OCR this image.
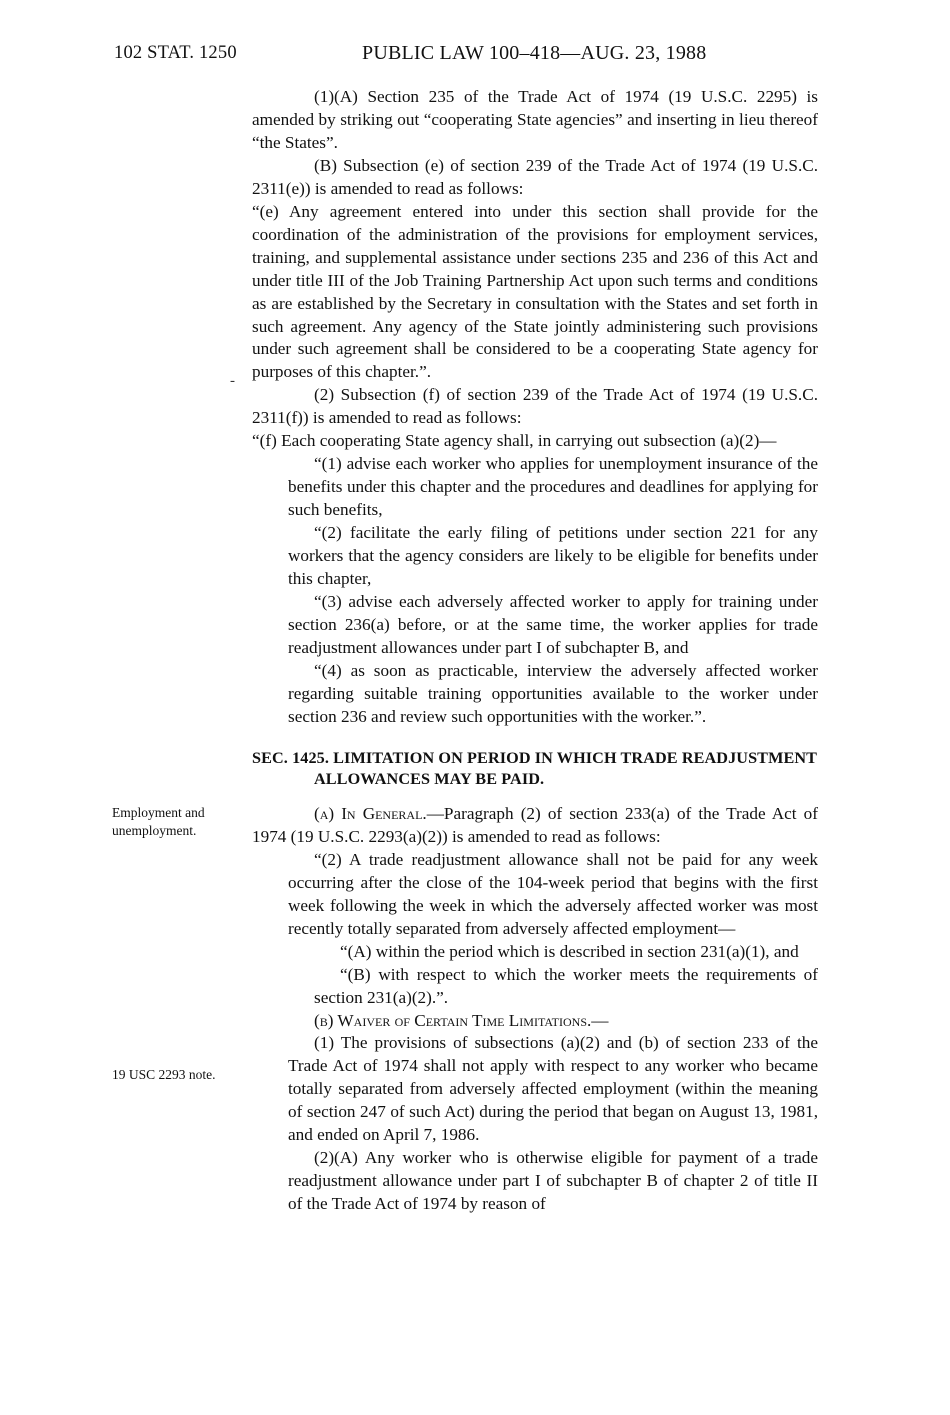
102 STAT. 1250	PUBLIC LAW 100–418—AUG. 23, 1988
-
Employment and unemployment.
19 USC 2293 note.

(1)(A) Section 235 of the Trade Act of 1974 (19 U.S.C. 2295) is amended by striking out “cooperating State agencies” and inserting in lieu thereof “the States”.

(B) Subsection (e) of section 239 of the Trade Act of 1974 (19 U.S.C. 2311(e)) is amended to read as follows:

“(e) Any agreement entered into under this section shall provide for the coordination of the administration of the provisions for employment services, training, and supplemental assistance under sections 235 and 236 of this Act and under title III of the Job Training Partnership Act upon such terms and conditions as are established by the Secretary in consultation with the States and set forth in such agreement. Any agency of the State jointly administering such provisions under such agreement shall be considered to be a cooperating State agency for purposes of this chapter.”.

(2) Subsection (f) of section 239 of the Trade Act of 1974 (19 U.S.C. 2311(f)) is amended to read as follows:

“(f) Each cooperating State agency shall, in carrying out subsection (a)(2)—

“(1) advise each worker who applies for unemployment insurance of the benefits under this chapter and the procedures and deadlines for applying for such benefits,

“(2) facilitate the early filing of petitions under section 221 for any workers that the agency considers are likely to be eligible for benefits under this chapter,

“(3) advise each adversely affected worker to apply for training under section 236(a) before, or at the same time, the worker applies for trade readjustment allowances under part I of subchapter B, and

“(4) as soon as practicable, interview the adversely affected worker regarding suitable training opportunities available to the worker under section 236 and review such opportunities with the worker.”.

SEC. 1425. LIMITATION ON PERIOD IN WHICH TRADE READJUSTMENT
ALLOWANCES MAY BE PAID.

(a) In General.—Paragraph (2) of section 233(a) of the Trade Act of 1974 (19 U.S.C. 2293(a)(2)) is amended to read as follows:

“(2) A trade readjustment allowance shall not be paid for any week occurring after the close of the 104-week period that begins with the first week following the week in which the adversely affected worker was most recently totally separated from adversely affected employment—

“(A) within the period which is described in section 231(a)(1), and

“(B) with respect to which the worker meets the requirements of section 231(a)(2).”.

(b) Waiver of Certain Time Limitations.—

(1) The provisions of subsections (a)(2) and (b) of section 233 of the Trade Act of 1974 shall not apply with respect to any worker who became totally separated from adversely affected employment (within the meaning of section 247 of such Act) during the period that began on August 13, 1981, and ended on April 7, 1986.

(2)(A) Any worker who is otherwise eligible for payment of a trade readjustment allowance under part I of subchapter B of chapter 2 of title II of the Trade Act of 1974 by reason of
